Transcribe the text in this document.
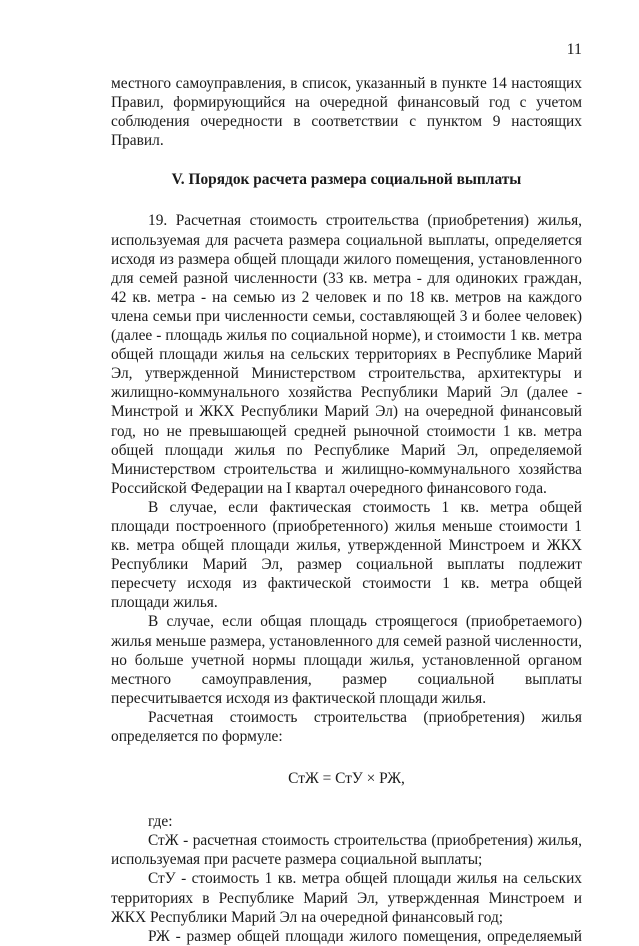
11

местного самоуправления, в список, указанный в пункте 14 настоящих Правил, формирующийся на очередной финансовый год с учетом соблюдения очередности в соответствии с пунктом 9 настоящих Правил.

V. Порядок расчета размера социальной выплаты

19. Расчетная стоимость строительства (приобретения) жилья, используемая для расчета размера социальной выплаты, определяется исходя из размера общей площади жилого помещения, установленного для семей разной численности (33 кв. метра - для одиноких граждан, 42 кв. метра - на семью из 2 человек и по 18 кв. метров на каждого члена семьи при численности семьи, составляющей 3 и более человек) (далее - площадь жилья по социальной норме), и стоимости 1 кв. метра общей площади жилья на сельских территориях в Республике Марий Эл, утвержденной Министерством строительства, архитектуры и жилищно-коммунального хозяйства Республики Марий Эл (далее - Минстрой и ЖКХ Республики Марий Эл) на очередной финансовый год, но не превышающей средней рыночной стоимости 1 кв. метра общей площади жилья по Республике Марий Эл, определяемой Министерством строительства и жилищно-коммунального хозяйства Российской Федерации на I квартал очередного финансового года.

В случае, если фактическая стоимость 1 кв. метра общей площади построенного (приобретенного) жилья меньше стоимости 1 кв. метра общей площади жилья, утвержденной Минстроем и ЖКХ Республики Марий Эл, размер социальной выплаты подлежит пересчету исходя из фактической стоимости 1 кв. метра общей площади жилья.

В случае, если общая площадь строящегося (приобретаемого) жилья меньше размера, установленного для семей разной численности, но больше учетной нормы площади жилья, установленной органом местного самоуправления, размер социальной выплаты пересчитывается исходя из фактической площади жилья.

Расчетная стоимость строительства (приобретения) жилья определяется по формуле:

СтЖ = СтУ × РЖ,

где:

СтЖ - расчетная стоимость строительства (приобретения) жилья, используемая при расчете размера социальной выплаты;

СтУ - стоимость 1 кв. метра общей площади жилья на сельских территориях в Республике Марий Эл, утвержденная Минстроем и ЖКХ Республики Марий Эл на очередной финансовый год;

РЖ - размер общей площади жилого помещения, определяемый
